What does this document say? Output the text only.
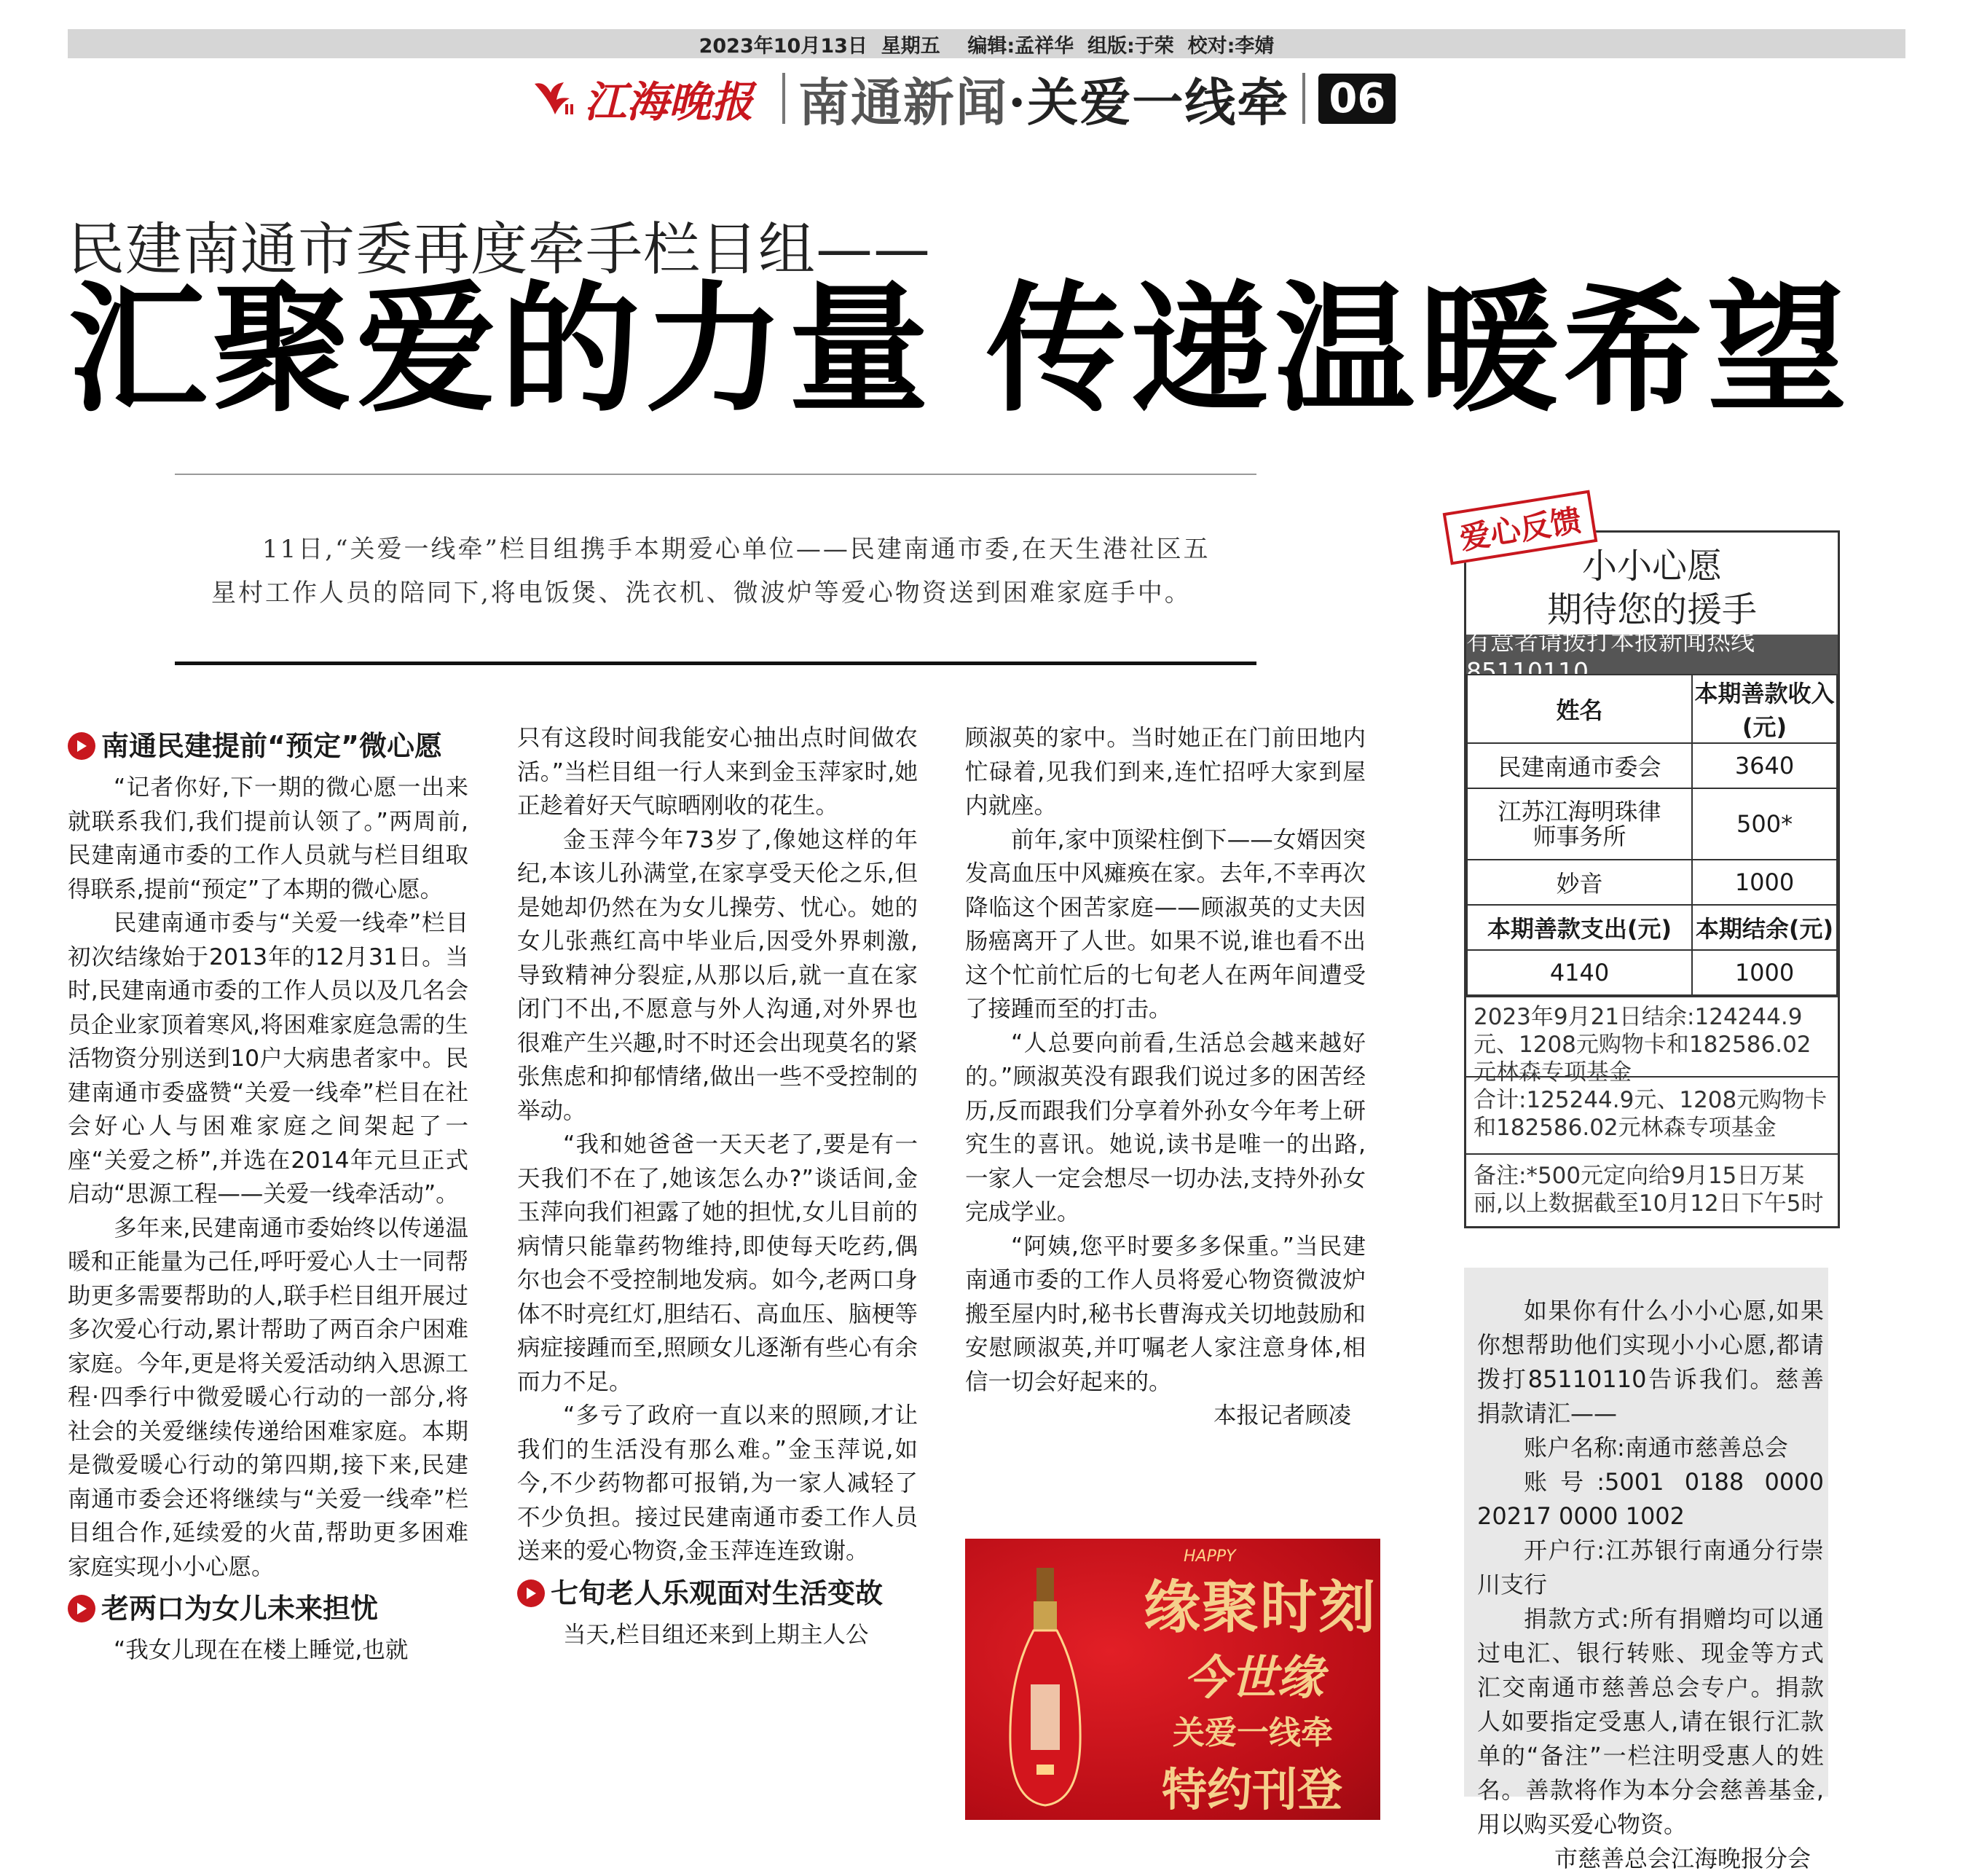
2023年10月13日
星期五
编辑:孟祥华
组版:于荣
校对:李婧
江海晚报 南通新闻·关爱一线牵 06
民建南通市委再度牵手栏目组——
汇聚爱的力量 传递温暖希望

11日,“关爱一线牵”栏目组携手本期爱心单位——民建南通市委,在天生港社区五星村工作人员的陪同下,将电饭煲、洗衣机、微波炉等爱心物资送到困难家庭手中。

南通民建提前“预定”微心愿

“记者你好,下一期的微心愿一出来就联系我们,我们提前认领了。”两周前,民建南通市委的工作人员就与栏目组取得联系,提前“预定”了本期的微心愿。

民建南通市委与“关爱一线牵”栏目初次结缘始于2013年的12月31日。当时,民建南通市委的工作人员以及几名会员企业家顶着寒风,将困难家庭急需的生活物资分别送到10户大病患者家中。民建南通市委盛赞“关爱一线牵”栏目在社会好心人与困难家庭之间架起了一座“关爱之桥”,并选在2014年元旦正式启动“思源工程——关爱一线牵活动”。

多年来,民建南通市委始终以传递温暖和正能量为己任,呼吁爱心人士一同帮助更多需要帮助的人,联手栏目组开展过多次爱心行动,累计帮助了两百余户困难家庭。今年,更是将关爱活动纳入思源工程·四季行中微爱暖心行动的一部分,将社会的关爱继续传递给困难家庭。本期是微爱暖心行动的第四期,接下来,民建南通市委会还将继续与“关爱一线牵”栏目组合作,延续爱的火苗,帮助更多困难家庭实现小小心愿。

老两口为女儿未来担忧

“我女儿现在在楼上睡觉,也就

只有这段时间我能安心抽出点时间做农活。”当栏目组一行人来到金玉萍家时,她正趁着好天气晾晒刚收的花生。

金玉萍今年73岁了,像她这样的年纪,本该儿孙满堂,在家享受天伦之乐,但是她却仍然在为女儿操劳、忧心。她的女儿张燕红高中毕业后,因受外界刺激,导致精神分裂症,从那以后,就一直在家闭门不出,不愿意与外人沟通,对外界也很难产生兴趣,时不时还会出现莫名的紧张焦虑和抑郁情绪,做出一些不受控制的举动。

“我和她爸爸一天天老了,要是有一天我们不在了,她该怎么办?”谈话间,金玉萍向我们袒露了她的担忧,女儿目前的病情只能靠药物维持,即使每天吃药,偶尔也会不受控制地发病。如今,老两口身体不时亮红灯,胆结石、高血压、脑梗等病症接踵而至,照顾女儿逐渐有些心有余而力不足。

“多亏了政府一直以来的照顾,才让我们的生活没有那么难。”金玉萍说,如今,不少药物都可报销,为一家人减轻了不少负担。接过民建南通市委工作人员送来的爱心物资,金玉萍连连致谢。

七旬老人乐观面对生活变故

当天,栏目组还来到上期主人公

顾淑英的家中。当时她正在门前田地内忙碌着,见我们到来,连忙招呼大家到屋内就座。

前年,家中顶梁柱倒下——女婿因突发高血压中风瘫痪在家。去年,不幸再次降临这个困苦家庭——顾淑英的丈夫因肠癌离开了人世。如果不说,谁也看不出这个忙前忙后的七旬老人在两年间遭受了接踵而至的打击。

“人总要向前看,生活总会越来越好的。”顾淑英没有跟我们说过多的困苦经历,反而跟我们分享着外孙女今年考上研究生的喜讯。她说,读书是唯一的出路,一家人一定会想尽一切办法,支持外孙女完成学业。

“阿姨,您平时要多多保重。”当民建南通市委的工作人员将爱心物资微波炉搬至屋内时,秘书长曹海戎关切地鼓励和安慰顾淑英,并叮嘱老人家注意身体,相信一切会好起来的。

本报记者顾凌

HAPPY
缘聚时刻
今世缘
关爱一线牵
特约刊登
爱心反馈
小小心愿
期待您的援手
有意者请拨打本报新闻热线85110110
姓名	本期善款收入(元)
民建南通市委会	3640
江苏江海明珠律师事务所	500*
妙音	1000
本期善款支出(元)	本期结余(元)
4140	1000
2023年9月21日结余:124244.9元、1208元购物卡和182586.02元林森专项基金
合计:125244.9元、1208元购物卡和182586.02元林森专项基金
备注:*500元定向给9月15日万某丽,以上数据截至10月12日下午5时

如果你有什么小小心愿,如果你想帮助他们实现小小心愿,都请拨打85110110告诉我们。慈善捐款请汇——

账户名称:南通市慈善总会

账号:5001 0188 0000 20217 0000 1002

开户行:江苏银行南通分行崇川支行

捐款方式:所有捐赠均可以通过电汇、银行转账、现金等方式汇交南通市慈善总会专户。捐款人如要指定受惠人,请在银行汇款单的“备注”一栏注明受惠人的姓名。善款将作为本分会慈善基金,用以购买爱心物资。

市慈善总会江海晚报分会
